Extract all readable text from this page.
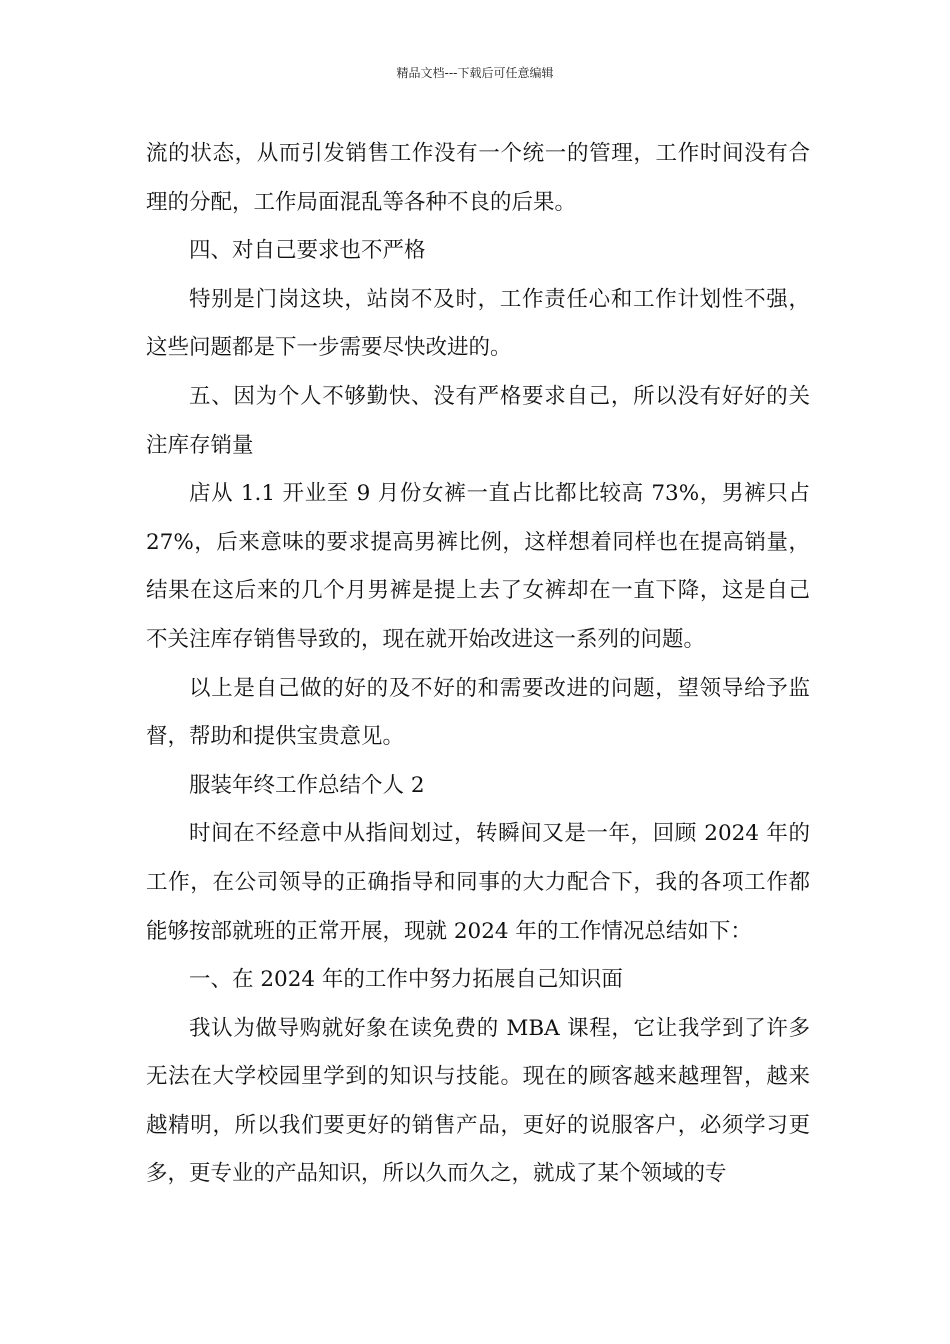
精品文档---下载后可任意编辑

流的状态，从而引发销售工作没有一个统一的管理，工作时间没有合理的分配，工作局面混乱等各种不良的后果。

四、对自己要求也不严格

特别是门岗这块，站岗不及时，工作责任心和工作计划性不强，这些问题都是下一步需要尽快改进的。

五、因为个人不够勤快、没有严格要求自己，所以没有好好的关注库存销量

店从 1.1 开业至 9 月份女裤一直占比都比较高 73%，男裤只占 27%，后来意味的要求提高男裤比例，这样想着同样也在提高销量，结果在这后来的几个月男裤是提上去了女裤却在一直下降，这是自己不关注库存销售导致的，现在就开始改进这一系列的问题。

以上是自己做的好的及不好的和需要改进的问题，望领导给予监督，帮助和提供宝贵意见。

服装年终工作总结个人 2

时间在不经意中从指间划过，转瞬间又是一年，回顾 2024 年的工作，在公司领导的正确指导和同事的大力配合下，我的各项工作都能够按部就班的正常开展，现就 2024 年的工作情况总结如下：

一、在 2024 年的工作中努力拓展自己知识面

我认为做导购就好象在读免费的 MBA 课程，它让我学到了许多无法在大学校园里学到的知识与技能。现在的顾客越来越理智，越来越精明，所以我们要更好的销售产品，更好的说服客户，必须学习更多，更专业的产品知识，所以久而久之，就成了某个领域的专
